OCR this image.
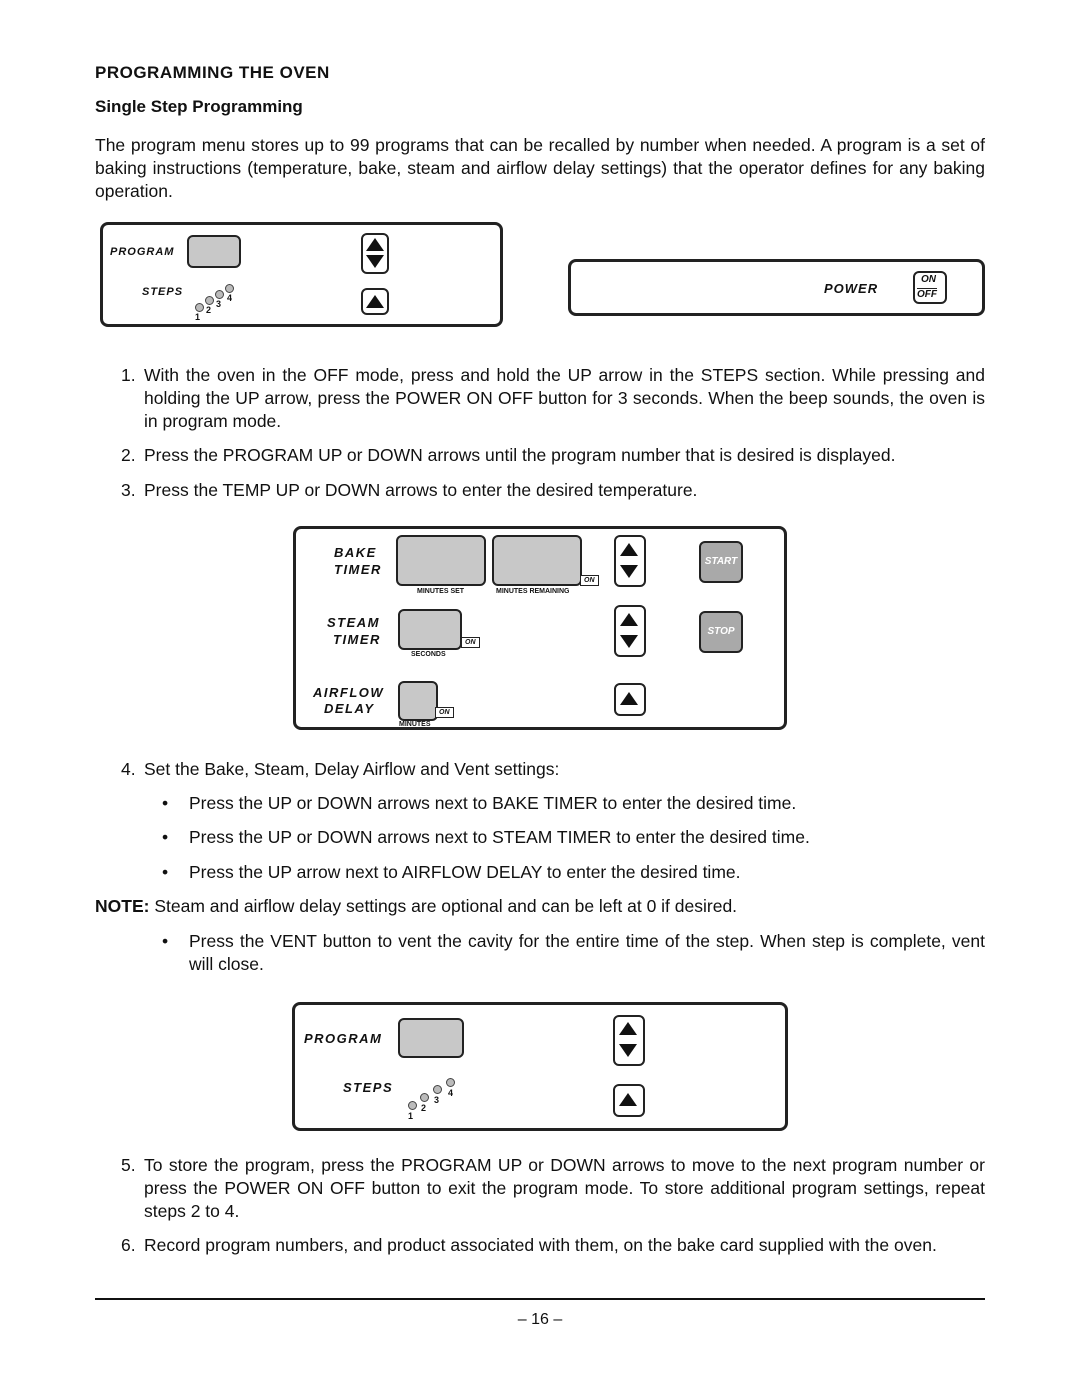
PROGRAMMING THE OVEN
Single Step Programming
The program menu stores up to 99 programs that can be recalled by number when needed. A program is a set of baking instructions (temperature, bake, steam and airflow delay settings) that the operator defines for any baking operation.
PROGRAM
STEPS
1
2
3
4
POWER
ON
OFF
1. With the oven in the OFF mode, press and hold the UP arrow in the STEPS section. While pressing and holding the UP arrow, press the POWER ON OFF button for 3 seconds. When the beep sounds, the oven is in program mode.
2. Press the PROGRAM UP or DOWN arrows until the program number that is desired is displayed.
3. Press the TEMP UP or DOWN arrows to enter the desired temperature.
BAKE
TIMER
ON
MINUTES SET	MINUTES REMAINING
STEAM
TIMER	ON
SECONDS
AIRFLOW
DELAY	ON
MINUTES
START
STOP
4. Set the Bake, Steam, Delay Airflow and Vent settings:
• Press the UP or DOWN arrows next to BAKE TIMER to enter the desired time.
• Press the UP or DOWN arrows next to STEAM TIMER to enter the desired time.
• Press the UP arrow next to AIRFLOW DELAY to enter the desired time.
NOTE: Steam and airflow delay settings are optional and can be left at 0 if desired.
• Press the VENT button to vent the cavity for the entire time of the step. When step is complete, vent will close.
PROGRAM
STEPS
1
2
3
4
5. To store the program, press the PROGRAM UP or DOWN arrows to move to the next program number or press the POWER ON OFF button to exit the program mode. To store additional program settings, repeat steps 2 to 4.
6. Record program numbers, and product associated with them, on the bake card supplied with the oven.
– 16 –
